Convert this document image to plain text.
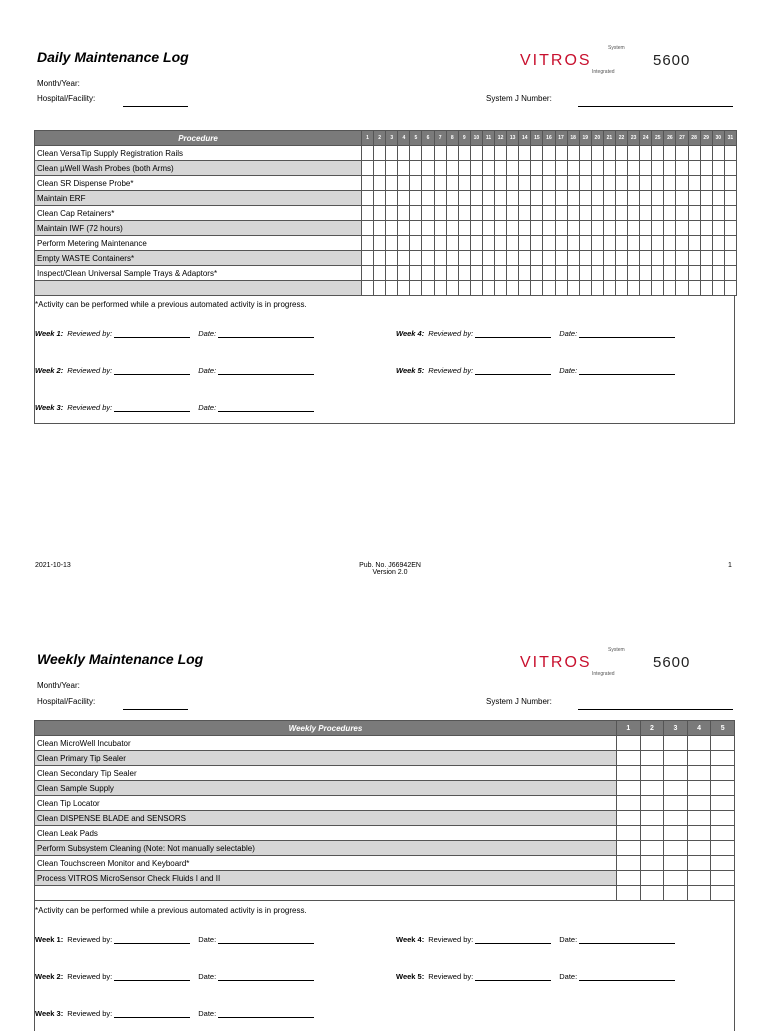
Daily Maintenance Log
System
VITROS	5600
Integrated
Month/Year:
Hospital/Facility:	System J Number:
Procedure	1	2	3	4	5	6	7	8	9	10	11	12	13	14	15	16	17	18	19	20	21	22	23	24	25	26	27	28	29	30	31
Clean VersaTip Supply Registration Rails																															
Clean µWell Wash Probes (both Arms)																															
Clean SR Dispense Probe*																															
Maintain ERF																															
Clean Cap Retainers*																															
Maintain IWF (72 hours)																															
Perform Metering Maintenance																															
Empty WASTE Containers*																															
Inspect/Clean Universal Sample Trays & Adaptors*																															

*Activity can be performed while a previous automated activity is in progress.
Week 1: Reviewed by:	Date:
Week 2: Reviewed by:	Date:
Week 3: Reviewed by:	Date:
Week 4: Reviewed by:	Date:
Week 5: Reviewed by:	Date:
2021-10-13	Pub. No. J66942EN
Version 2.0
1
Weekly Maintenance Log
System
VITROS	5600
Integrated
Month/Year:
Hospital/Facility:	System J Number:
Weekly Procedures	1	2	3	4	5
Clean MicroWell Incubator					
Clean Primary Tip Sealer					
Clean Secondary Tip Sealer					
Clean Sample Supply					
Clean Tip Locator					
Clean DISPENSE BLADE and SENSORS					
Clean Leak Pads					
Perform Subsystem Cleaning (Note: Not manually selectable)					
Clean Touchscreen Monitor and Keyboard*					
Process VITROS MicroSensor Check Fluids I and II					

*Activity can be performed while a previous automated activity is in progress.
Week 1: Reviewed by:	Date:
Week 2: Reviewed by:	Date:
Week 3: Reviewed by:	Date:
Week 4: Reviewed by:	Date:
Week 5: Reviewed by:	Date:
